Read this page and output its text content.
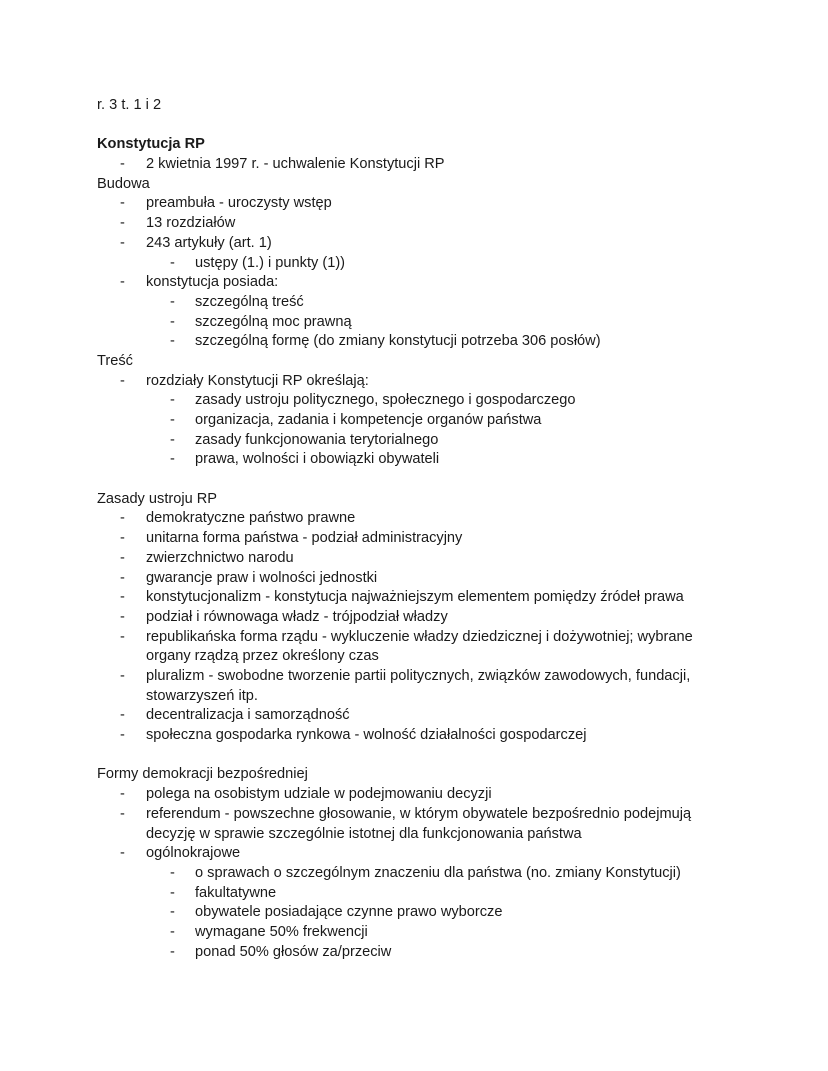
r. 3 t. 1 i 2
Konstytucja RP
- 2 kwietnia 1997 r. - uchwalenie Konstytucji RP
Budowa
- preambuła - uroczysty wstęp
- 13 rozdziałów
- 243 artykuły (art. 1)
- ustępy (1.) i punkty (1))
- konstytucja posiada:
- szczególną treść
- szczególną moc prawną
- szczególną formę (do zmiany konstytucji potrzeba 306 posłów)
Treść
- rozdziały Konstytucji RP określają:
- zasady ustroju politycznego, społecznego i gospodarczego
- organizacja, zadania i kompetencje organów państwa
- zasady funkcjonowania terytorialnego
- prawa, wolności i obowiązki obywateli
Zasady ustroju RP
- demokratyczne państwo prawne
- unitarna forma państwa - podział administracyjny
- zwierzchnictwo narodu
- gwarancje praw i wolności jednostki
- konstytucjonalizm - konstytucja najważniejszym elementem pomiędzy źródeł prawa
- podział i równowaga władz - trójpodział władzy
- republikańska forma rządu - wykluczenie władzy dziedzicznej i dożywotniej; wybrane organy rządzą przez określony czas
- pluralizm - swobodne tworzenie partii politycznych, związków zawodowych, fundacji, stowarzyszeń itp.
- decentralizacja i samorządność
- społeczna gospodarka rynkowa - wolność działalności gospodarczej
Formy demokracji bezpośredniej
- polega na osobistym udziale w podejmowaniu decyzji
- referendum - powszechne głosowanie, w którym obywatele bezpośrednio podejmują decyzję w sprawie szczególnie istotnej dla funkcjonowania państwa
- ogólnokrajowe
- o sprawach o szczególnym znaczeniu dla państwa (no. zmiany Konstytucji)
- fakultatywne
- obywatele posiadające czynne prawo wyborcze
- wymagane 50% frekwencji
- ponad 50% głosów za/przeciw
